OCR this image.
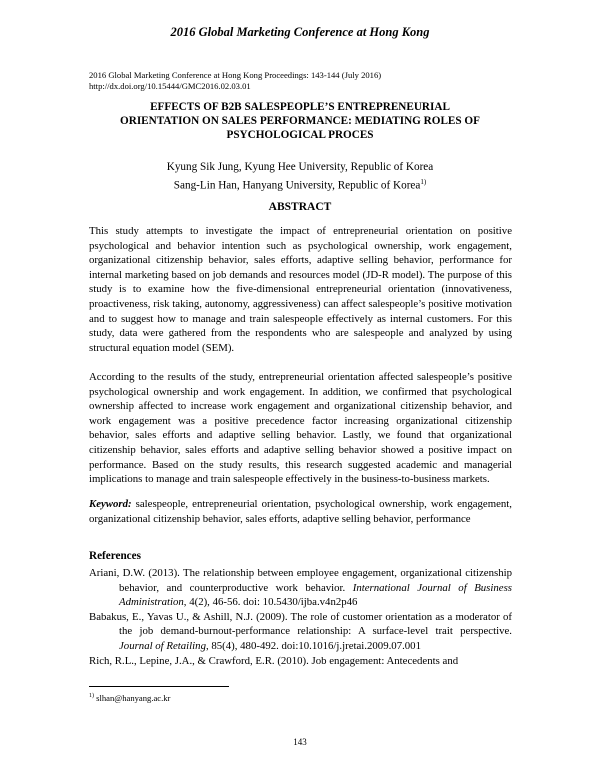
2016 Global Marketing Conference at Hong Kong
2016 Global Marketing Conference at Hong Kong Proceedings: 143-144 (July 2016)
http://dx.doi.org/10.15444/GMC2016.02.03.01
EFFECTS OF B2B SALESPEOPLE’S ENTREPRENEURIAL
ORIENTATION ON SALES PERFORMANCE: MEDIATING ROLES OF
PSYCHOLOGICAL PROCES
Kyung Sik Jung, Kyung Hee University, Republic of Korea
Sang-Lin Han, Hanyang University, Republic of Korea$^{1)}$
ABSTRACT
This study attempts to investigate the impact of entrepreneurial orientation on positive psychological and behavior intention such as psychological ownership, work engagement, organizational citizenship behavior, sales efforts, adaptive selling behavior, performance for internal marketing based on job demands and resources model (JD-R model). The purpose of this study is to examine how the five-dimensional entrepreneurial orientation (innovativeness, proactiveness, risk taking, autonomy, aggressiveness) can affect salespeople’s positive motivation and to suggest how to manage and train salespeople effectively as internal customers. For this study, data were gathered from the respondents who are salespeople and analyzed by using structural equation model (SEM).
According to the results of the study, entrepreneurial orientation affected salespeople’s positive psychological ownership and work engagement. In addition, we confirmed that psychological ownership affected to increase work engagement and organizational citizenship behavior, and work engagement was a positive precedence factor increasing organizational citizenship behavior, sales efforts and adaptive selling behavior. Lastly, we found that organizational citizenship behavior, sales efforts and adaptive selling behavior showed a positive impact on performance. Based on the study results, this research suggested academic and managerial implications to manage and train salespeople effectively in the business-to-business markets.
Keyword: salespeople, entrepreneurial orientation, psychological ownership, work engagement, organizational citizenship behavior, sales efforts, adaptive selling behavior, performance
References

Ariani, D.W. (2013). The relationship between employee engagement, organizational citizenship behavior, and counterproductive work behavior. International Journal of Business Administration, 4(2), 46-56. doi: 10.5430/ijba.v4n2p46

Babakus, E., Yavas U., & Ashill, N.J. (2009). The role of customer orientation as a moderator of the job demand-burnout-performance relationship: A surface-level trait perspective. Journal of Retailing, 85(4), 480-492. doi:10.1016/j.jretai.2009.07.001

Rich, R.L., Lepine, J.A., & Crawford, E.R. (2010). Job engagement: Antecedents and

$^{1)}$ slhan@hanyang.ac.kr
143
